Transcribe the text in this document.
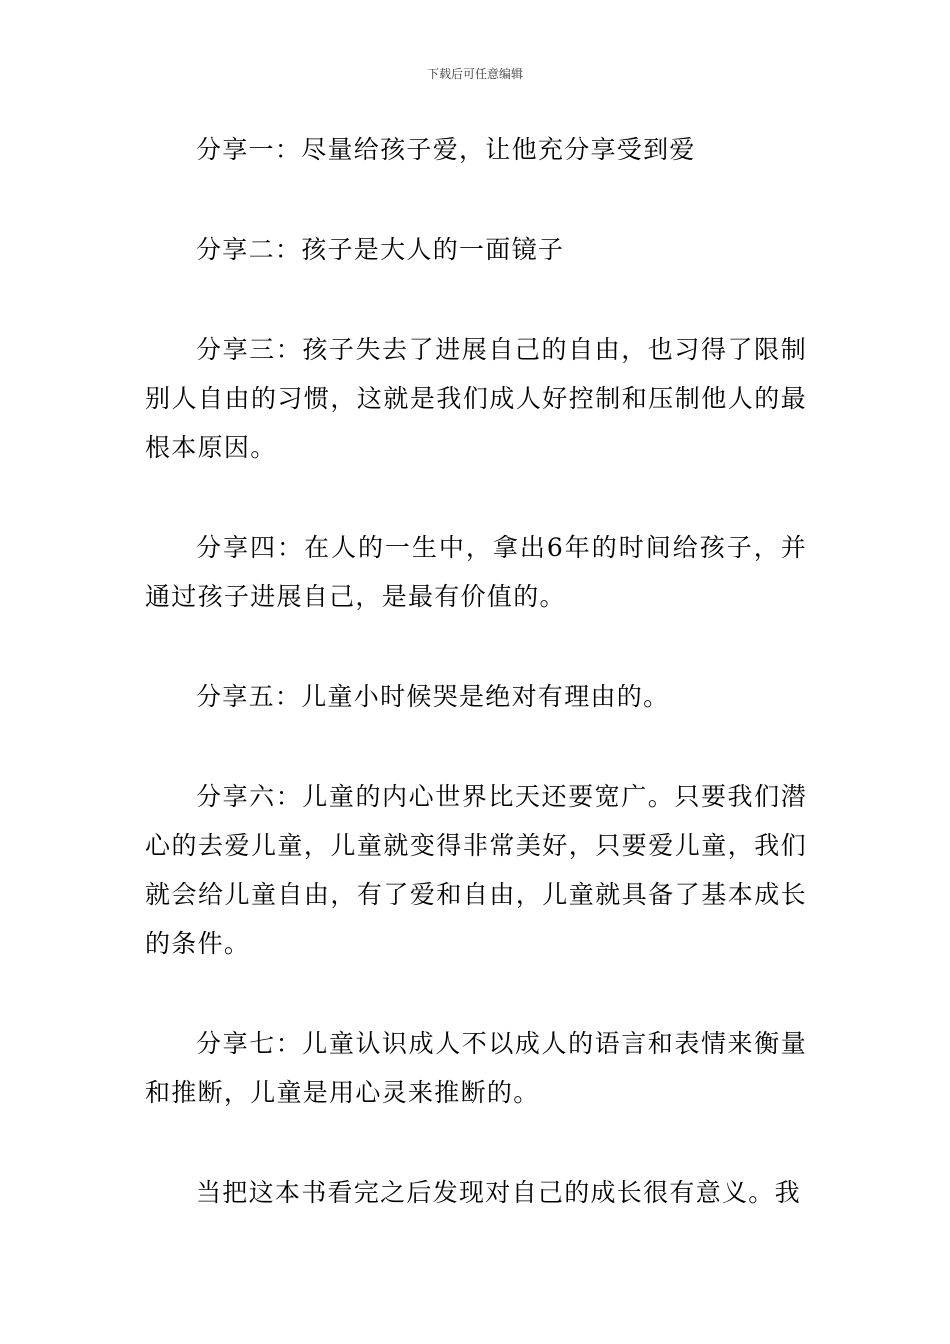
下载后可任意编辑

分享一：尽量给孩子爱，让他充分享受到爱

分享二：孩子是大人的一面镜子

分享三：孩子失去了进展自己的自由，也习得了限制别人自由的习惯，这就是我们成人好控制和压制他人的最根本原因。

分享四：在人的一生中，拿出6年的时间给孩子，并通过孩子进展自己，是最有价值的。

分享五：儿童小时候哭是绝对有理由的。

分享六：儿童的内心世界比天还要宽广。只要我们潜心的去爱儿童，儿童就变得非常美好，只要爱儿童，我们就会给儿童自由，有了爱和自由，儿童就具备了基本成长的条件。

分享七：儿童认识成人不以成人的语言和表情来衡量和推断，儿童是用心灵来推断的。

当把这本书看完之后发现对自己的成长很有意义。我
